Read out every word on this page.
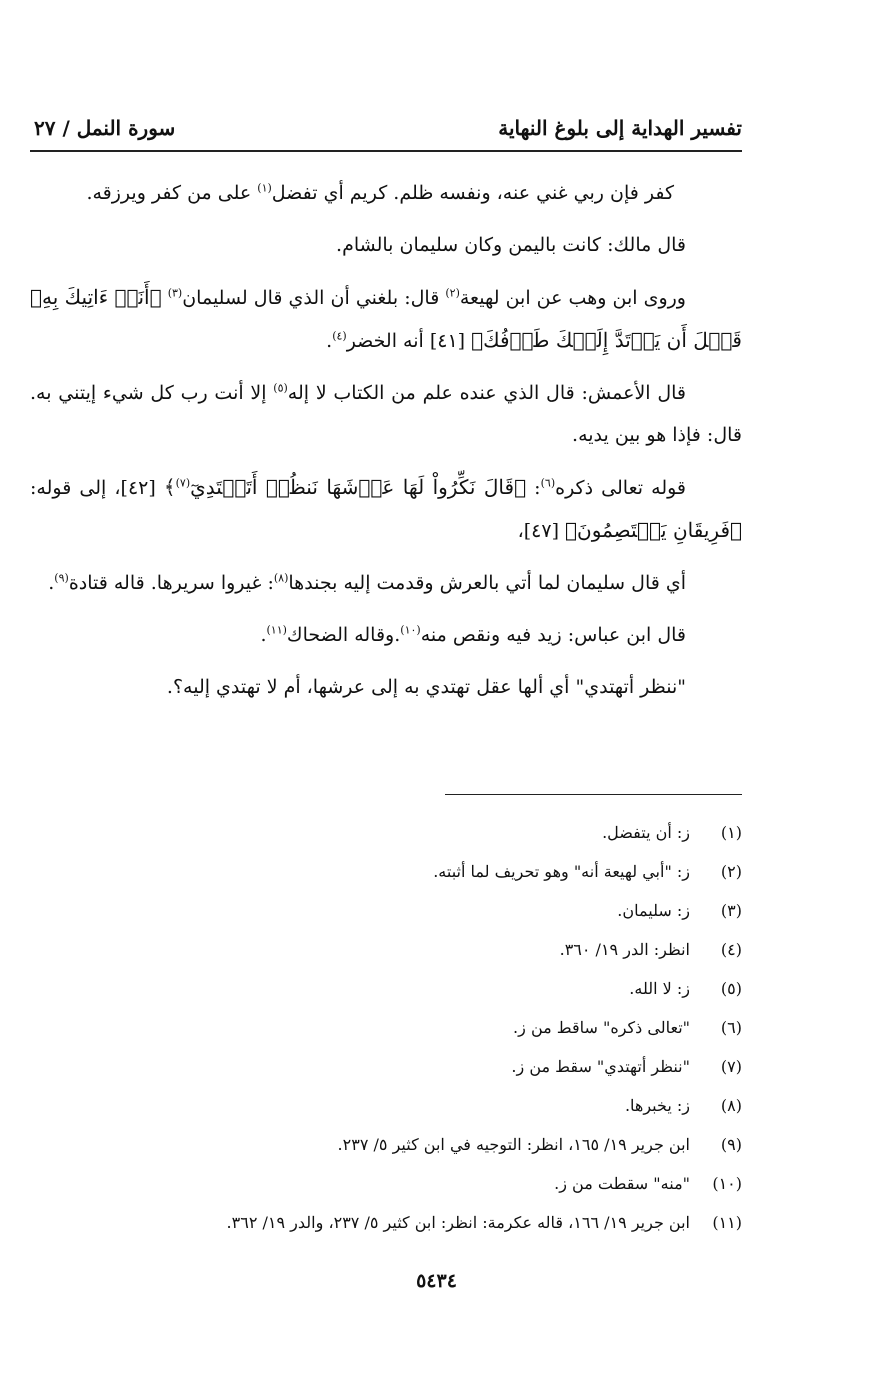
تفسير الهداية إلى بلوغ النهاية
سورة النمل / ٢٧

كفر فإن ربي غني عنه، ونفسه ظلم. كريم أي تفضل$^{(١)}$ على من كفر ويرزقه.

قال مالك: كانت باليمن وكان سليمان بالشام.

وروى ابن وهب عن ابن لهيعة$^{(٢)}$ قال: بلغني أن الذي قال لسليمان$^{(٣)}$ ﴿أَنَا۠ ءَاتِيكَ بِهِۦ قَبۡلَ أَن يَرۡتَدَّ إِلَيۡكَ طَرۡفُكَ﴾ [٤١] أنه الخضر$^{(٤)}$.

قال الأعمش: قال الذي عنده علم من الكتاب لا إله$^{(٥)}$ إلا أنت رب كل شيء إيتني به. قال: فإذا هو بين يديه.

قوله تعالى ذكره$^{(٦)}$: ﴿قَالَ نَكِّرُواْ لَهَا عَرۡشَهَا نَنظُرۡ أَتَهۡتَدِيٓ$^{(٧)}$﴾ [٤٢]، إلى قوله: ﴿فَرِيقَانِ يَخۡتَصِمُونَ﴾ [٤٧]،

أي قال سليمان لما أتي بالعرش وقدمت إليه بجندها$^{(٨)}$: غيروا سريرها. قاله قتادة$^{(٩)}$.

قال ابن عباس: زيد فيه ونقص منه$^{(١٠)}$.وقاله الضحاك$^{(١١)}$.

"ننظر أتهتدي" أي ألها عقل تهتدي به إلى عرشها، أم لا تهتدي إليه؟.

(١)
ز: أن يتفضل.
(٢)
ز: "أبي لهيعة أنه" وهو تحريف لما أثبته.
(٣)
ز: سليمان.
(٤)
انظر: الدر ١٩/ ٣٦٠.
(٥)
ز: لا الله.
(٦)
"تعالى ذكره" ساقط من ز.
(٧)
"ننظر أتهتدي" سقط من ز.
(٨)
ز: يخبرها.
(٩)
ابن جرير ١٩/ ١٦٥، انظر: التوجيه في ابن كثير ٥/ ٢٣٧.
(١٠)
"منه" سقطت من ز.
(١١)
ابن جرير ١٩/ ١٦٦، قاله عكرمة: انظر: ابن كثير ٥/ ٢٣٧، والدر ١٩/ ٣٦٢.
٥٤٣٤
